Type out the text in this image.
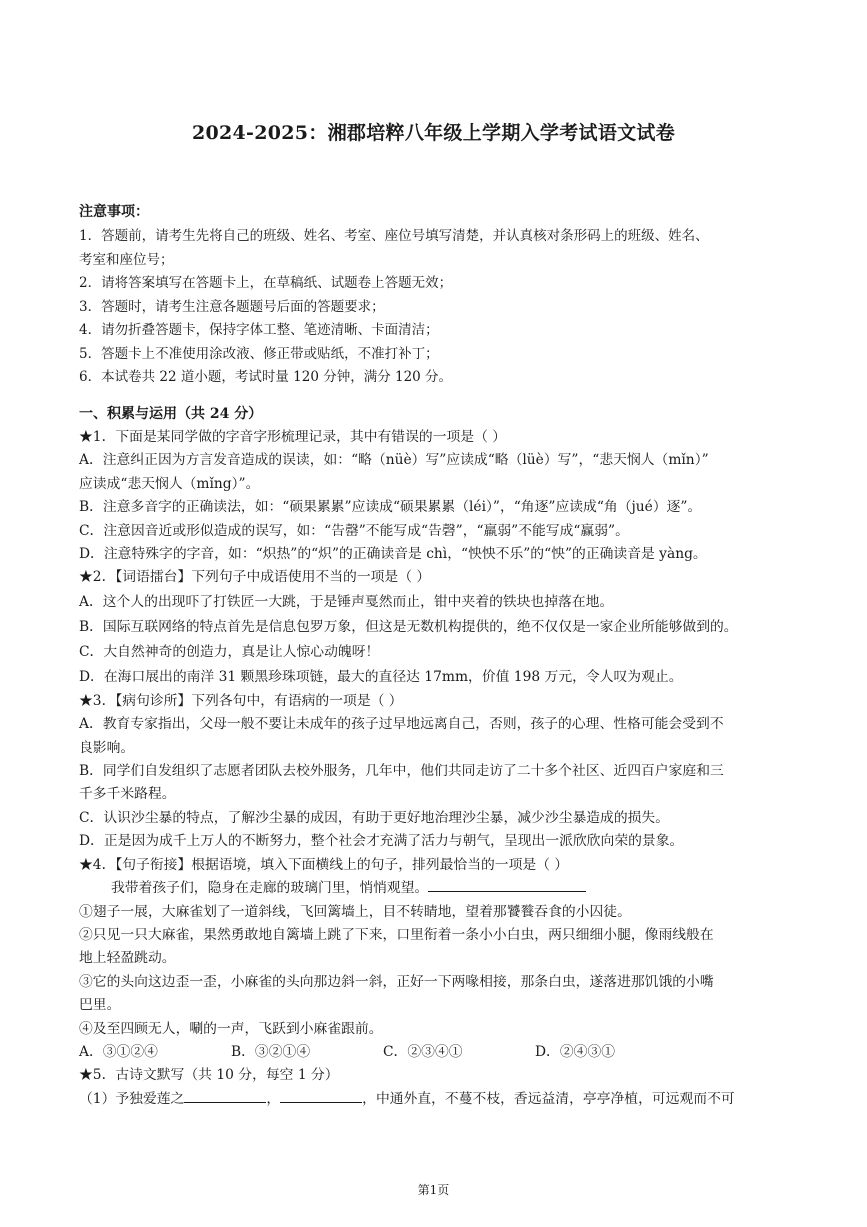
2024-2025：湘郡培粹八年级上学期入学考试语文试卷
注意事项：
1．答题前，请考生先将自己的班级、姓名、考室、座位号填写清楚，并认真核对条形码上的班级、姓名、
考室和座位号；
2．请将答案填写在答题卡上，在草稿纸、试题卷上答题无效；
3．答题时，请考生注意各题题号后面的答题要求；
4．请勿折叠答题卡，保持字体工整、笔迹清晰、卡面清洁；
5．答题卡上不准使用涂改液、修正带或贴纸，不准打补丁；
6．本试卷共 22 道小题，考试时量 120 分钟，满分 120 分。
一、积累与运用（共 24 分）
★1．下面是某同学做的字音字形梳理记录，其中有错误的一项是（ ）
A．注意纠正因为方言发音造成的误读，如：“略（nüè）写”应读成“略（lüè）写”，“悲天悯人（mǐn）”
应读成“悲天悯人（mǐng）”。
B．注意多音字的正确读法，如：“硕果累累”应读成“硕果累累（léi）”，“角逐”应读成“角（jué）逐”。
C．注意因音近或形似造成的误写，如：“告罄”不能写成“告磬”，“羸弱”不能写成“赢弱”。
D．注意特殊字的字音，如：“炽热”的“炽”的正确读音是 chì，“怏怏不乐”的“怏”的正确读音是 yàng。
★2．【词语擂台】下列句子中成语使用不当的一项是（ ）
A．这个人的出现吓了打铁匠一大跳，于是锤声戛然而止，钳中夹着的铁块也掉落在地。
B．国际互联网络的特点首先是信息包罗万象，但这是无数机构提供的，绝不仅仅是一家企业所能够做到的。
C．大自然神奇的创造力，真是让人惊心动魄呀！
D．在海口展出的南洋 31 颗黑珍珠项链，最大的直径达 17mm，价值 198 万元，令人叹为观止。
★3．【病句诊所】下列各句中，有语病的一项是（ ）
A．教育专家指出，父母一般不要让未成年的孩子过早地远离自己，否则，孩子的心理、性格可能会受到不
良影响。
B．同学们自发组织了志愿者团队去校外服务，几年中，他们共同走访了二十多个社区、近四百户家庭和三
千多千米路程。
C．认识沙尘暴的特点，了解沙尘暴的成因，有助于更好地治理沙尘暴，减少沙尘暴造成的损失。
D．正是因为成千上万人的不断努力，整个社会才充满了活力与朝气，呈现出一派欣欣向荣的景象。
★4．【句子衔接】根据语境，填入下面横线上的句子，排列最恰当的一项是（ ）
我带着孩子们，隐身在走廊的玻璃门里，悄悄观望。
①翅子一展，大麻雀划了一道斜线，飞回篱墙上，目不转睛地，望着那饕餮吞食的小囚徒。
②只见一只大麻雀，果然勇敢地自篱墙上跳了下来，口里衔着一条小小白虫，两只细细小腿，像雨线般在
地上轻盈跳动。
③它的头向这边歪一歪，小麻雀的头向那边斜一斜，正好一下两喙相接，那条白虫，遂落进那饥饿的小嘴
巴里。
④及至四顾无人，唰的一声，飞跃到小麻雀跟前。
A．③①②④	B．③②①④	C．②③④①	D．②④③①
★5．古诗文默写（共 10 分，每空 1 分）
（1）予独爱莲之	，	，中通外直，不蔓不枝，香远益清，亭亭净植，可远观而不可
第1页
